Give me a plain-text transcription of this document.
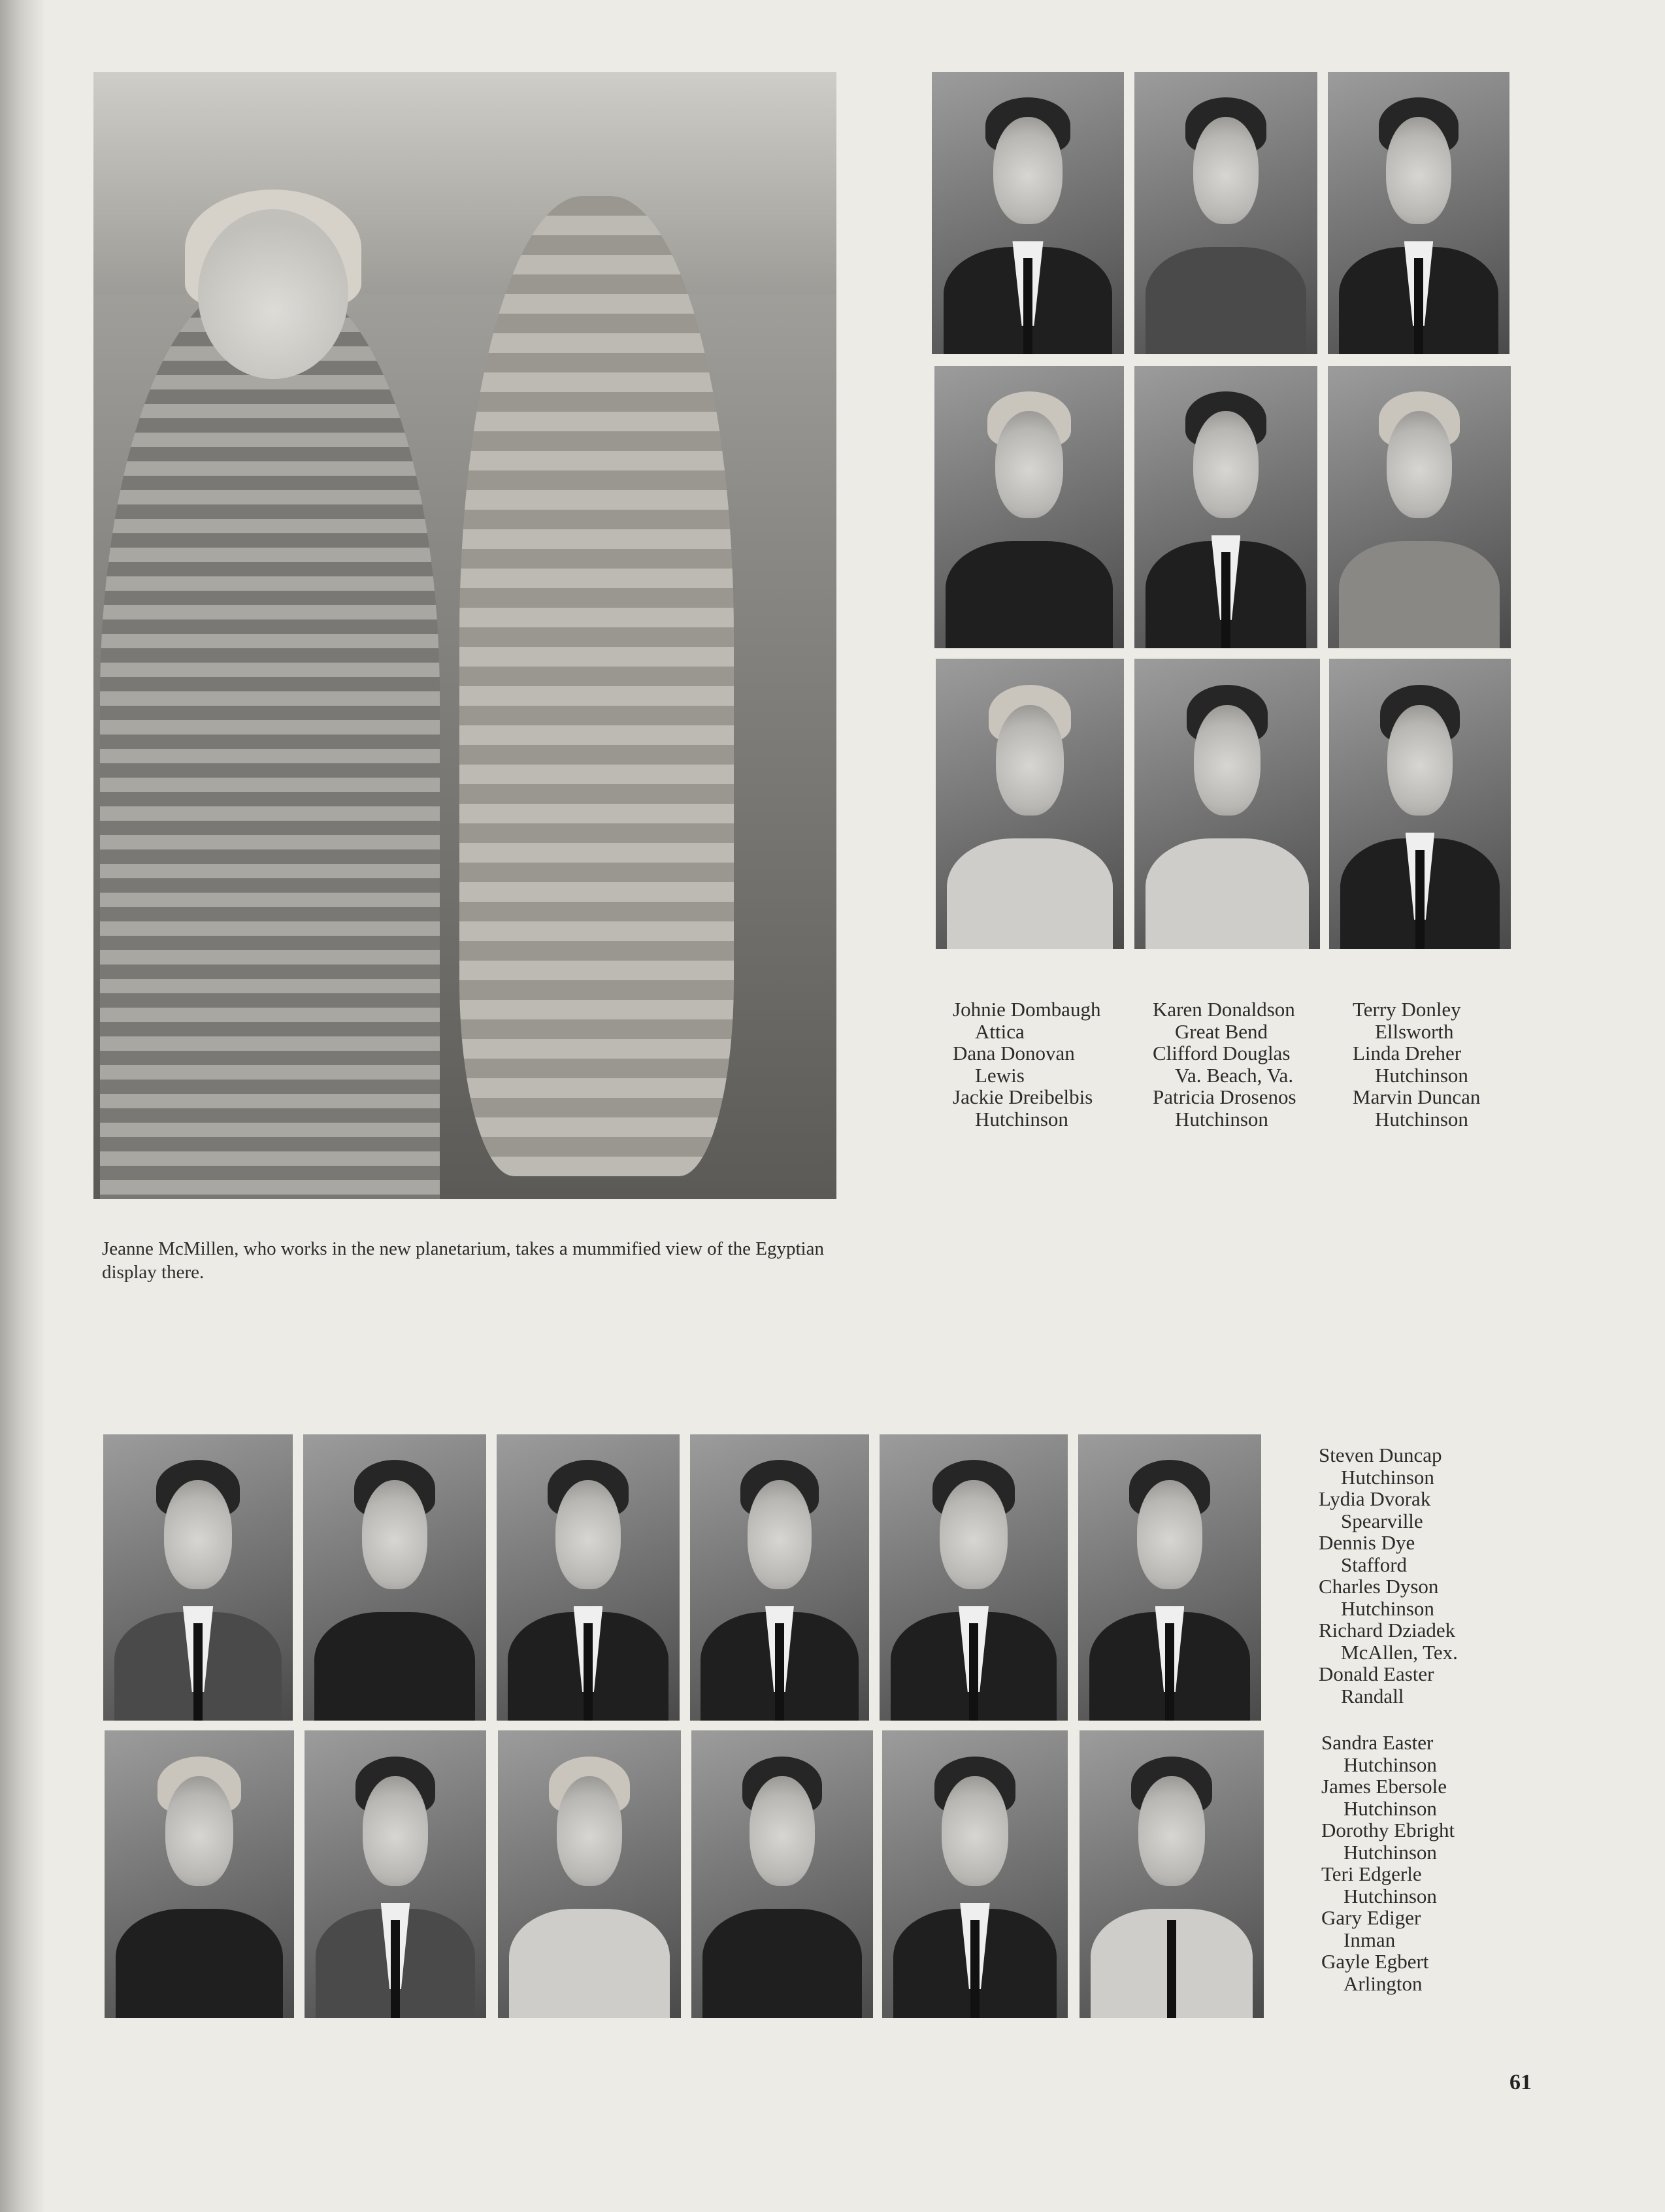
Jeanne McMillen, who works in the new planetarium, takes a mummified view of the Egyptian display there.
Johnie Dombaugh
Attica
Dana Donovan
Lewis
Jackie Dreibelbis
Hutchinson
Karen Donaldson
Great Bend
Clifford Douglas
Va. Beach, Va.
Patricia Drosenos
Hutchinson
Terry Donley
Ellsworth
Linda Dreher
Hutchinson
Marvin Duncan
Hutchinson
Steven Duncap
Hutchinson
Lydia Dvorak
Spearville
Dennis Dye
Stafford
Charles Dyson
Hutchinson
Richard Dziadek
McAllen, Tex.
Donald Easter
Randall
Sandra Easter
Hutchinson
James Ebersole
Hutchinson
Dorothy Ebright
Hutchinson
Teri Edgerle
Hutchinson
Gary Ediger
Inman
Gayle Egbert
Arlington
61
